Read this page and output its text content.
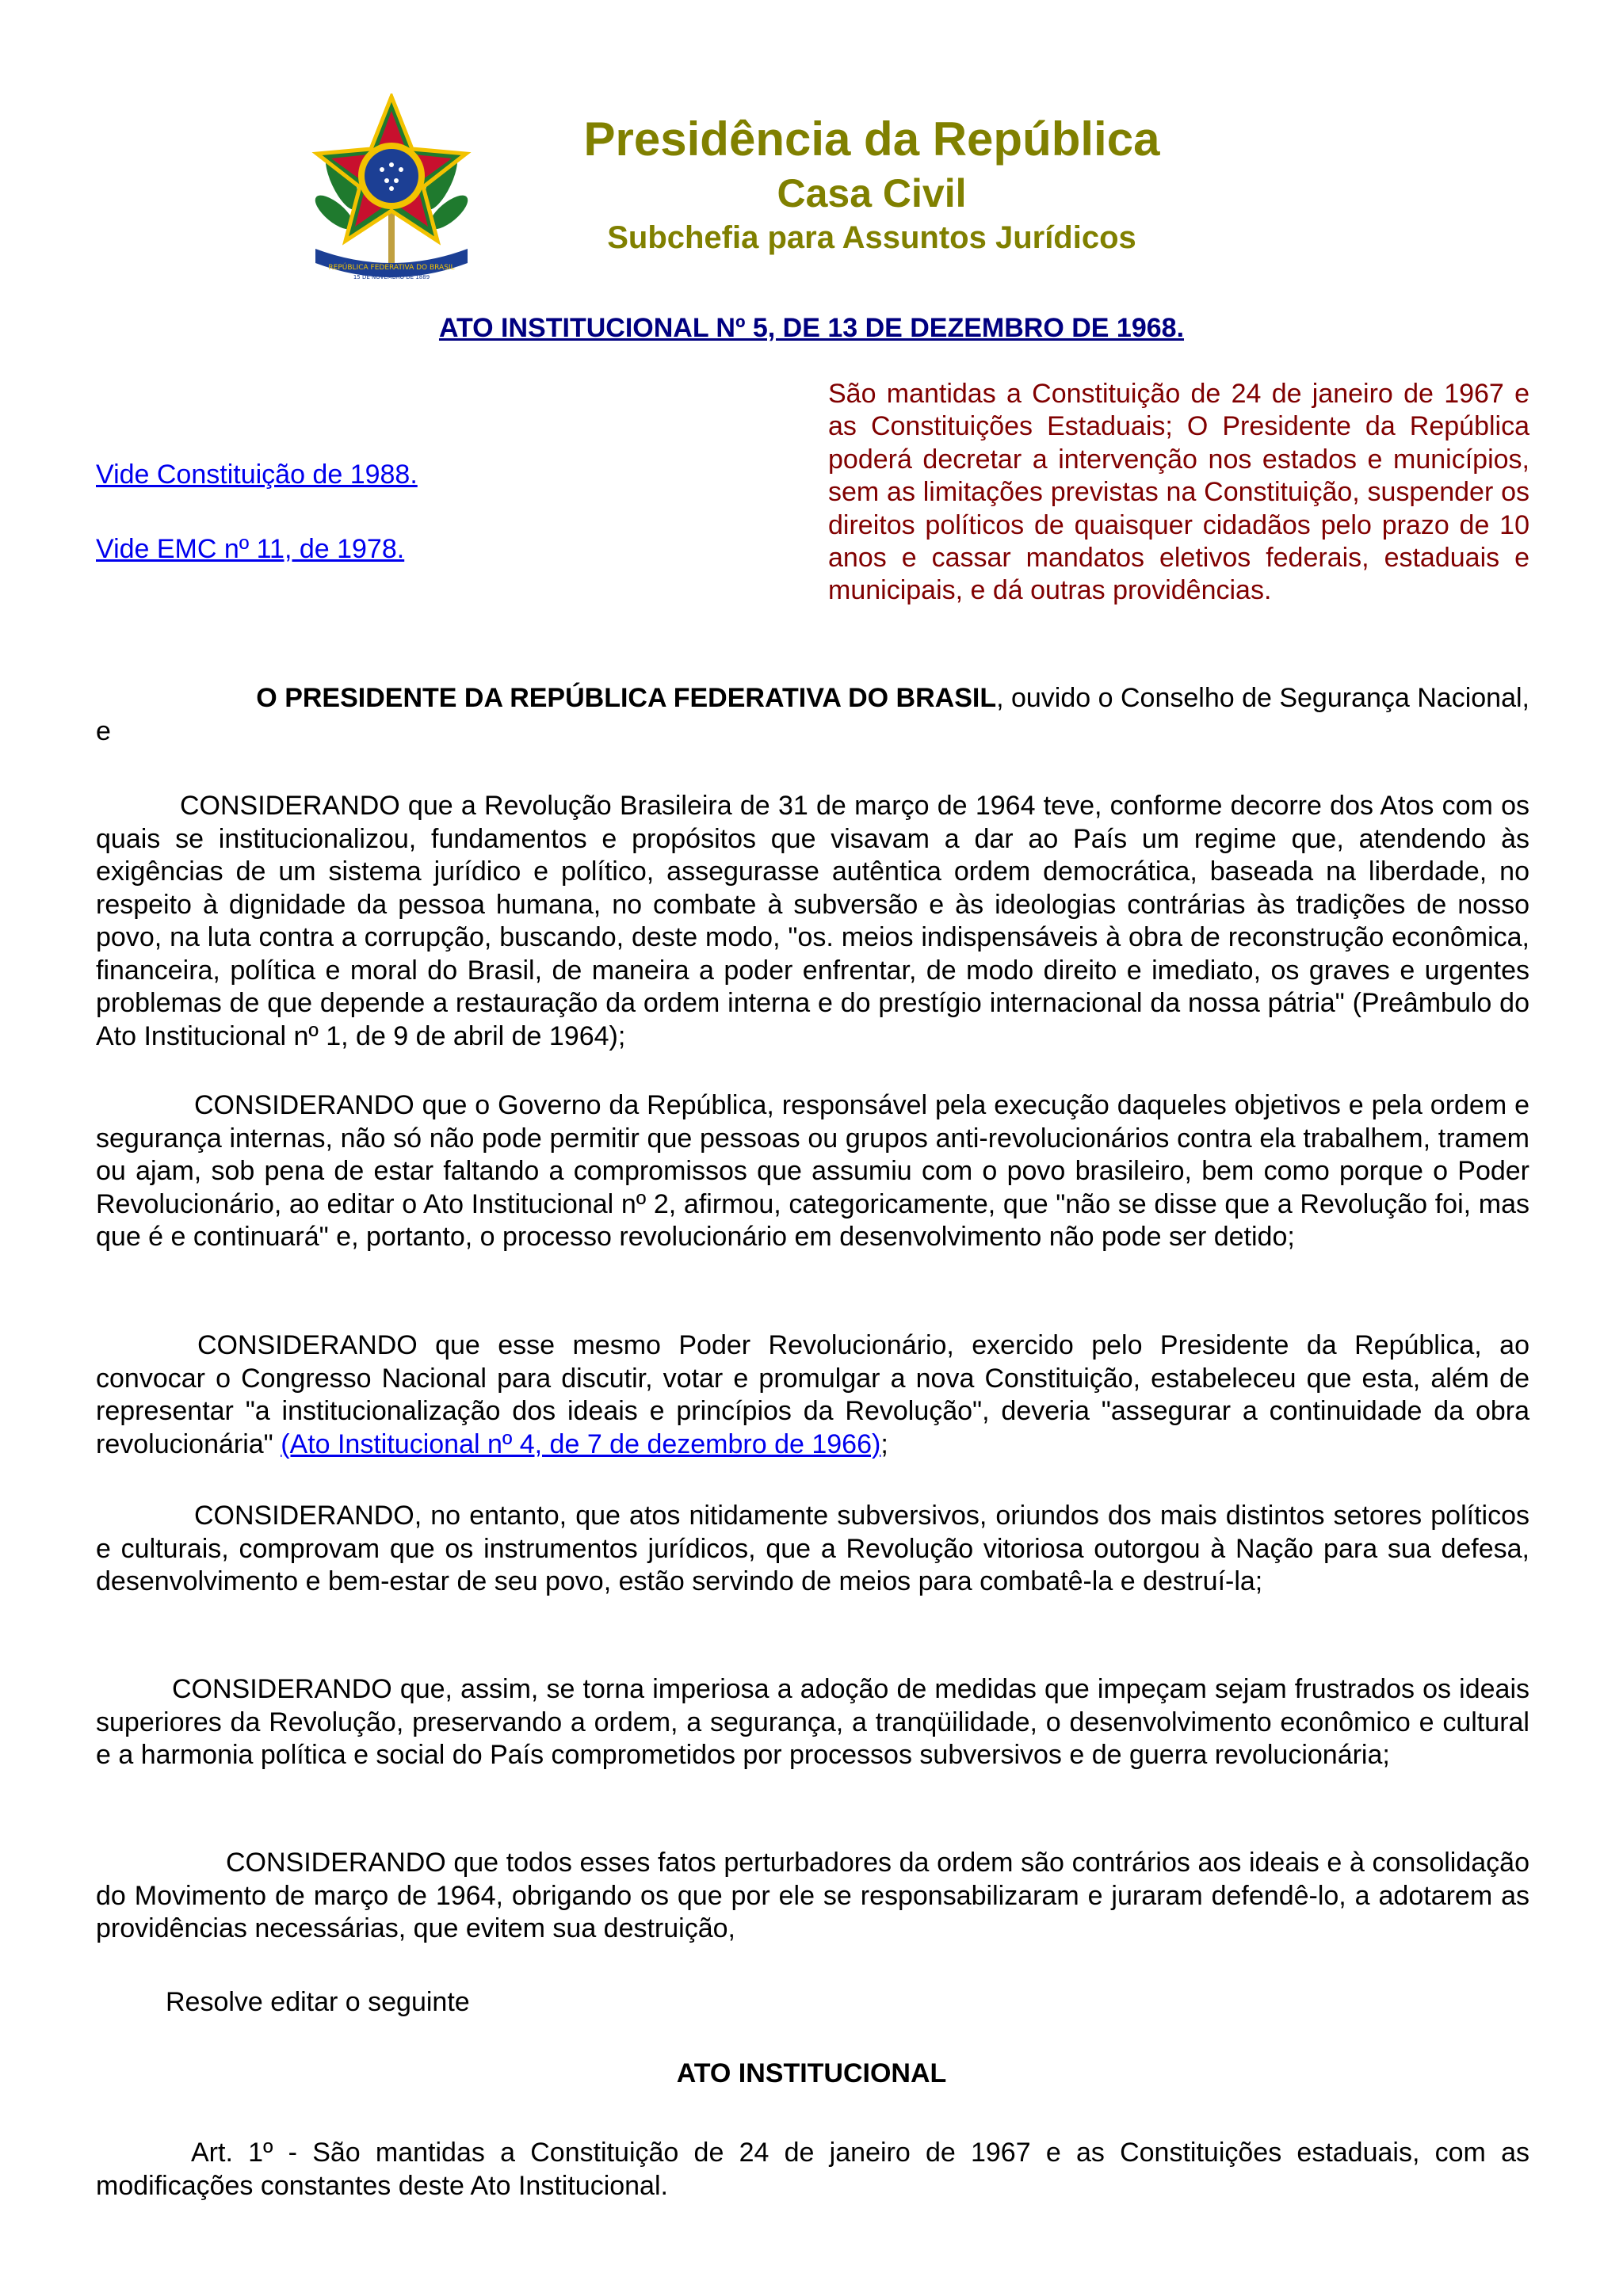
REPÚBLICA FEDERATIVA DO BRASIL
15 DE NOVEMBRO DE 1889
Presidência da República
Casa Civil
Subchefia para Assuntos Jurídicos
ATO INSTITUCIONAL Nº 5, DE 13 DE DEZEMBRO DE 1968.
Vide Constituição de 1988.
Vide EMC nº 11, de 1978.
São mantidas a Constituição de 24 de janeiro de 1967 e as Constituições Estaduais; O Presidente da República poderá decretar a intervenção nos estados e municípios, sem as limitações previstas na Constituição, suspender os direitos políticos de quaisquer cidadãos pelo prazo de 10 anos e cassar mandatos eletivos federais, estaduais e municipais, e dá outras providências.
O PRESIDENTE DA REPÚBLICA FEDERATIVA DO BRASIL, ouvido o Conselho de Segurança Nacional,
e

CONSIDERANDO que a Revolução Brasileira de 31 de março de 1964 teve, conforme decorre dos Atos com os quais se institucionalizou, fundamentos e propósitos que visavam a dar ao País um regime que, atendendo às exigências de um sistema jurídico e político, assegurasse autêntica ordem democrática, baseada na liberdade, no respeito à dignidade da pessoa humana, no combate à subversão e às ideologias contrárias às tradições de nosso povo, na luta contra a corrupção, buscando, deste modo, "os. meios indispensáveis à obra de reconstrução econômica, financeira, política e moral do Brasil, de maneira a poder enfrentar, de modo direito e imediato, os graves e urgentes problemas de que depende a restauração da ordem interna e do prestígio internacional da nossa pátria" (Preâmbulo do Ato Institucional nº 1, de 9 de abril de 1964);

CONSIDERANDO que o Governo da República, responsável pela execução daqueles objetivos e pela ordem e segurança internas, não só não pode permitir que pessoas ou grupos anti-revolucionários contra ela trabalhem, tramem ou ajam, sob pena de estar faltando a compromissos que assumiu com o povo brasileiro, bem como porque o Poder Revolucionário, ao editar o Ato Institucional nº 2, afirmou, categoricamente, que "não se disse que a Revolução foi, mas que é e continuará" e, portanto, o processo revolucionário em desenvolvimento não pode ser detido;

CONSIDERANDO que esse mesmo Poder Revolucionário, exercido pelo Presidente da República, ao convocar o Congresso Nacional para discutir, votar e promulgar a nova Constituição, estabeleceu que esta, além de representar "a institucionalização dos ideais e princípios da Revolução", deveria "assegurar a continuidade da obra revolucionária" (Ato Institucional nº 4, de 7 de dezembro de 1966);

CONSIDERANDO, no entanto, que atos nitidamente subversivos, oriundos dos mais distintos setores políticos e culturais, comprovam que os instrumentos jurídicos, que a Revolução vitoriosa outorgou à Nação para sua defesa, desenvolvimento e bem-estar de seu povo, estão servindo de meios para combatê-la e destruí-la;

CONSIDERANDO que, assim, se torna imperiosa a adoção de medidas que impeçam sejam frustrados os ideais superiores da Revolução, preservando a ordem, a segurança, a tranqüilidade, o desenvolvimento econômico e cultural e a harmonia política e social do País comprometidos por processos subversivos e de guerra revolucionária;

CONSIDERANDO que todos esses fatos perturbadores da ordem são contrários aos ideais e à consolidação do Movimento de março de 1964, obrigando os que por ele se responsabilizaram e juraram defendê-lo, a adotarem as providências necessárias, que evitem sua destruição,

Resolve editar o seguinte
ATO INSTITUCIONAL

Art. 1º - São mantidas a Constituição de 24 de janeiro de 1967 e as Constituições estaduais, com as modificações constantes deste Ato Institucional.
